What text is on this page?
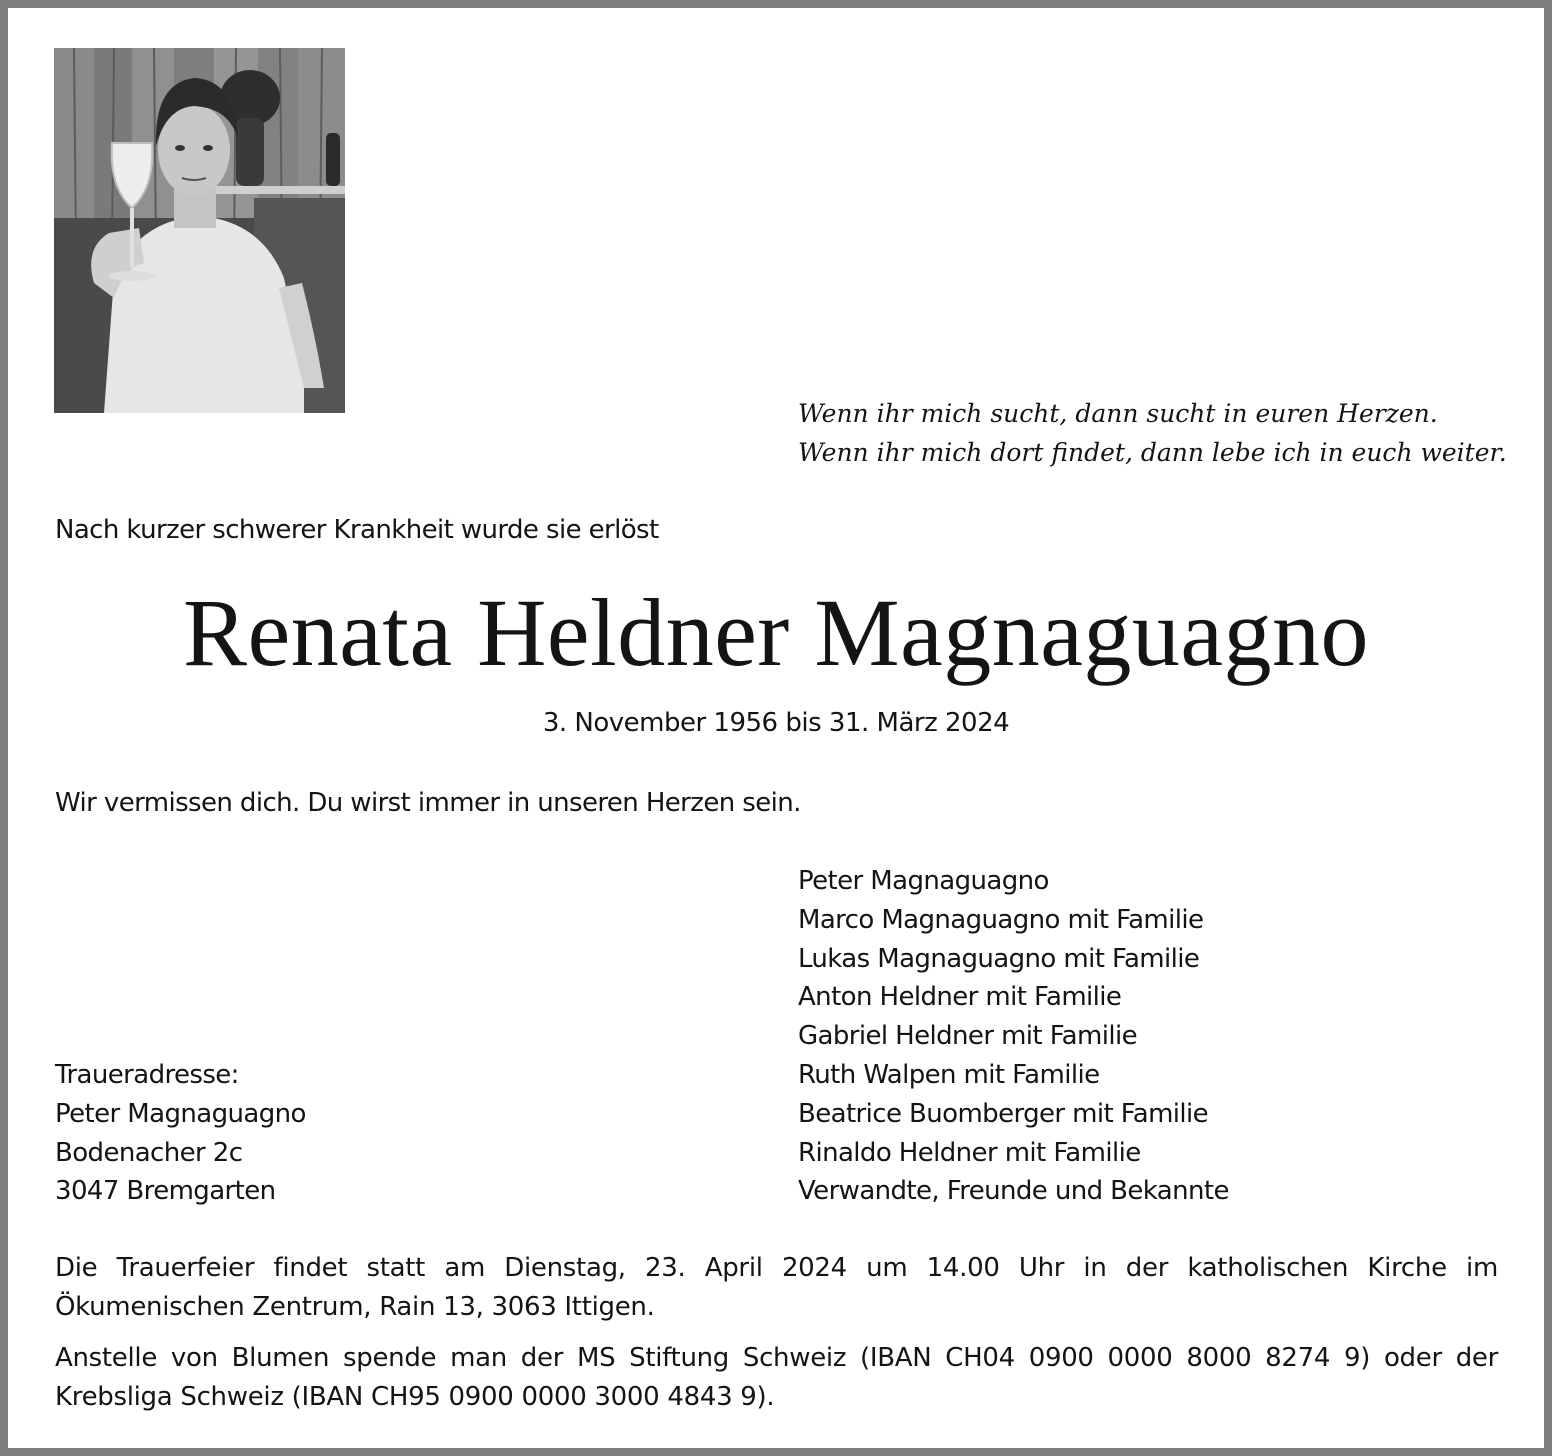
Wenn ihr mich sucht, dann sucht in euren Herzen.
Wenn ihr mich dort findet, dann lebe ich in euch weiter.
Nach kurzer schwerer Krankheit wurde sie erlöst
Renata Heldner Magnaguagno
3. November 1956 bis 31. März 2024
Wir vermissen dich. Du wirst immer in unseren Herzen sein.
Peter Magnaguagno
Marco Magnaguagno mit Familie
Lukas Magnaguagno mit Familie
Anton Heldner mit Familie
Gabriel Heldner mit Familie
Ruth Walpen mit Familie
Beatrice Buomberger mit Familie
Rinaldo Heldner mit Familie
Verwandte, Freunde und Bekannte
Traueradresse:
Peter Magnaguagno
Bodenacher 2c
3047 Bremgarten
Die Trauerfeier findet statt am Dienstag, 23. April 2024 um 14.00 Uhr in der katholischen Kirche im Ökumenischen Zentrum, Rain 13, 3063 Ittigen.
Anstelle von Blumen spende man der MS Stiftung Schweiz (IBAN CH04 0900 0000 8000 8274 9) oder der Krebsliga Schweiz (IBAN CH95 0900 0000 3000 4843 9).
